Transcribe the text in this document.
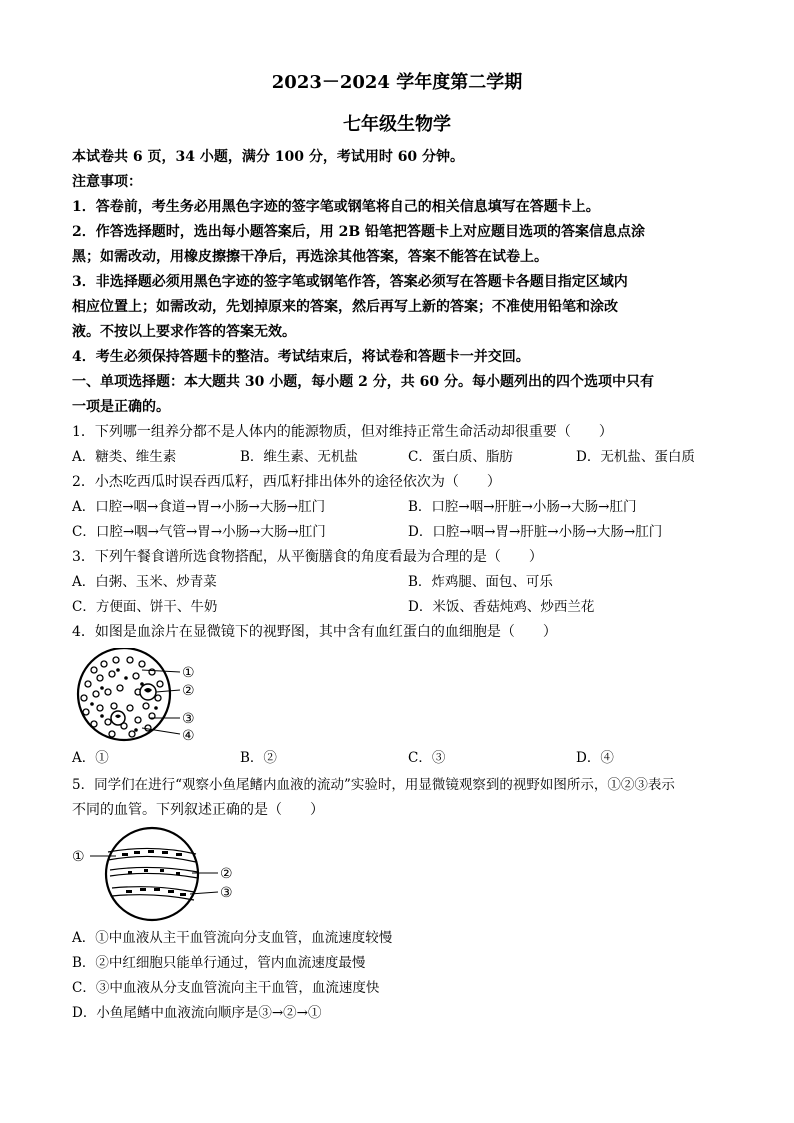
2023－2024 学年度第二学期
七年级生物学
本试卷共 6 页，34 小题，满分 100 分，考试用时 60 分钟。
注意事项：
1．答卷前，考生务必用黑色字迹的签字笔或钢笔将自己的相关信息填写在答题卡上。
2．作答选择题时，选出每小题答案后，用 2B 铅笔把答题卡上对应题目选项的答案信息点涂
黑；如需改动，用橡皮擦擦干净后，再选涂其他答案，答案不能答在试卷上。
3．非选择题必须用黑色字迹的签字笔或钢笔作答，答案必须写在答题卡各题目指定区域内
相应位置上；如需改动，先划掉原来的答案，然后再写上新的答案；不准使用铅笔和涂改
液。不按以上要求作答的答案无效。
4．考生必须保持答题卡的整洁。考试结束后，将试卷和答题卡一并交回。
一、单项选择题：本大题共 30 小题，每小题 2 分，共 60 分。每小题列出的四个选项中只有
一项是正确的。
1．下列哪一组养分都不是人体内的能源物质，但对维持正常生命活动却很重要（　　）
A．糖类、维生素	B．维生素、无机盐	C．蛋白质、脂肪	D．无机盐、蛋白质
2．小杰吃西瓜时误吞西瓜籽，西瓜籽排出体外的途径依次为（　　）
A．口腔→咽→食道→胃→小肠→大肠→肛门	B．口腔→咽→肝脏→小肠→大肠→肛门
C．口腔→咽→气管→胃→小肠→大肠→肛门	D．口腔→咽→胃→肝脏→小肠→大肠→肛门
3．下列午餐食谱所选食物搭配，从平衡膳食的角度看最为合理的是（　　）
A．白粥、玉米、炒青菜	B．炸鸡腿、面包、可乐
C．方便面、饼干、牛奶	D．米饭、香菇炖鸡、炒西兰花
4．如图是血涂片在显微镜下的视野图，其中含有血红蛋白的血细胞是（　　）
①
②
③
④
A．①	B．②	C．③	D．④
5．同学们在进行“观察小鱼尾鳍内血液的流动”实验时，用显微镜观察到的视野如图所示，①②③表示
不同的血管。下列叙述正确的是（　　）
①
②
③
A．①中血液从主干血管流向分支血管，血流速度较慢
B．②中红细胞只能单行通过，管内血流速度最慢
C．③中血液从分支血管流向主干血管，血流速度快
D．小鱼尾鳍中血液流向顺序是③→②→①
